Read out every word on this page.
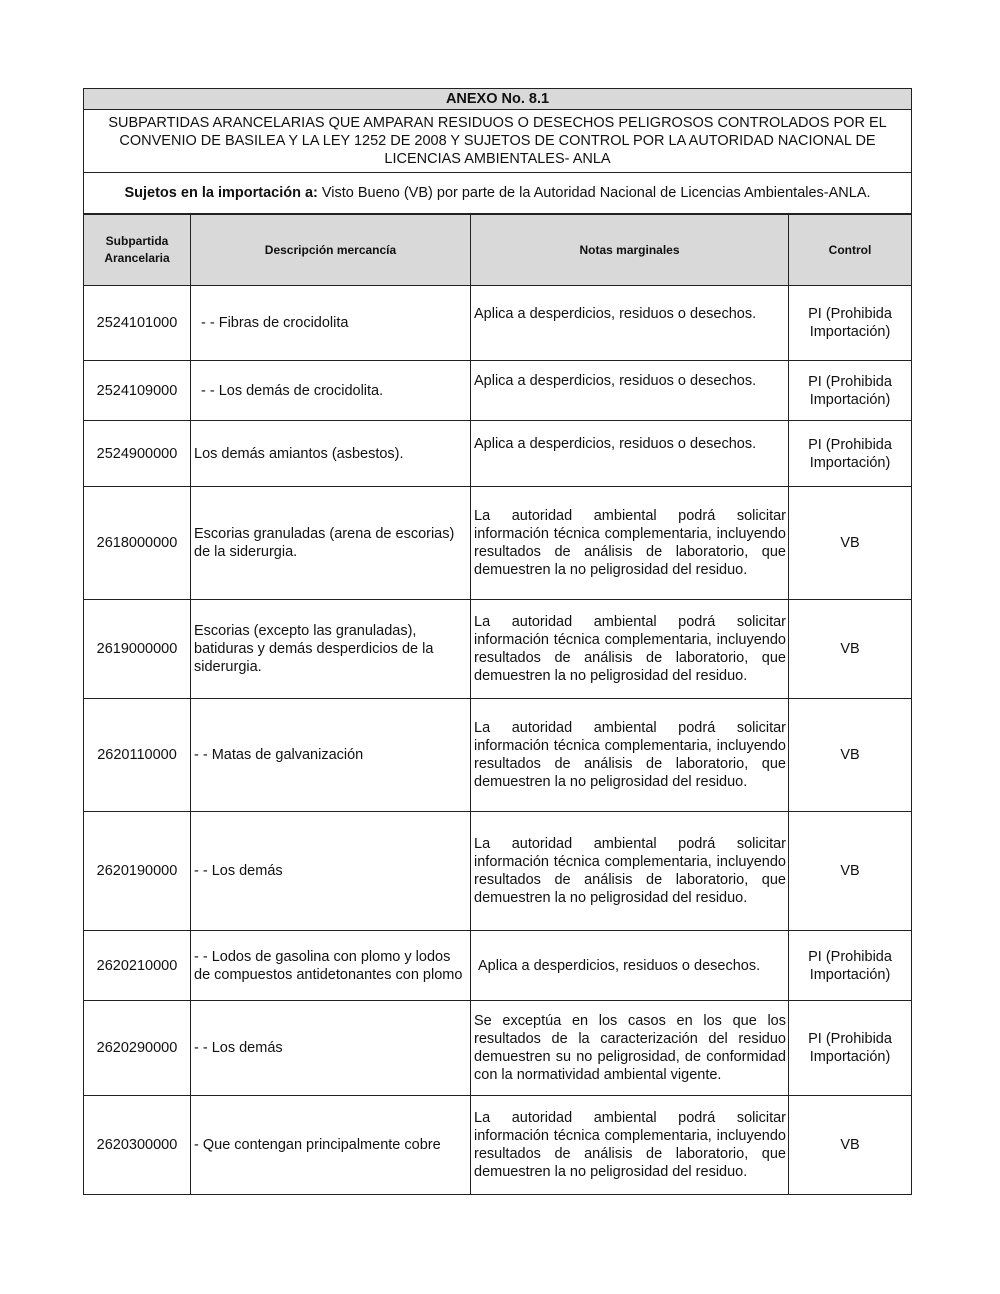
ANEXO No. 8.1			
SUBPARTIDAS ARANCELARIAS QUE AMPARAN RESIDUOS O DESECHOS PELIGROSOS CONTROLADOS POR EL CONVENIO DE BASILEA Y LA LEY 1252 DE 2008 Y SUJETOS DE CONTROL POR LA AUTORIDAD NACIONAL DE LICENCIAS AMBIENTALES- ANLA			
Sujetos en la importación a: Visto Bueno (VB) por parte de la Autoridad Nacional de Licencias Ambientales-ANLA.			
Subpartida Arancelaria	Descripción mercancía	Notas marginales	Control
2524101000	- - Fibras de crocidolita	Aplica a desperdicios, residuos o desechos.	PI (Prohibida Importación)
2524109000	- - Los demás de crocidolita.	Aplica a desperdicios, residuos o desechos.	PI (Prohibida Importación)
2524900000	Los demás amiantos (asbestos).	Aplica a desperdicios, residuos o desechos.	PI (Prohibida Importación)
2618000000	Escorias granuladas (arena de escorias) de la siderurgia.	La autoridad ambiental podrá solicitar información técnica complementaria, incluyendo resultados de análisis de laboratorio, que demuestren la no peligrosidad del residuo.	VB
2619000000	Escorias (excepto las granuladas), batiduras y demás desperdicios de la siderurgia.	La autoridad ambiental podrá solicitar información técnica complementaria, incluyendo resultados de análisis de laboratorio, que demuestren la no peligrosidad del residuo.	VB
2620110000	- - Matas de galvanización	La autoridad ambiental podrá solicitar información técnica complementaria, incluyendo resultados de análisis de laboratorio, que demuestren la no peligrosidad del residuo.	VB
2620190000	- - Los demás	La autoridad ambiental podrá solicitar información técnica complementaria, incluyendo resultados de análisis de laboratorio, que demuestren la no peligrosidad del residuo.	VB
2620210000	- - Lodos de gasolina con plomo y lodos de compuestos antidetonantes con plomo	Aplica a desperdicios, residuos o desechos.	PI (Prohibida Importación)
2620290000	- - Los demás	Se exceptúa en los casos en los que los resultados de la caracterización del residuo demuestren su no peligrosidad, de conformidad con la normatividad ambiental vigente.	PI (Prohibida Importación)
2620300000	- Que contengan principalmente cobre	La autoridad ambiental podrá solicitar información técnica complementaria, incluyendo resultados de análisis de laboratorio, que demuestren la no peligrosidad del residuo.	VB
